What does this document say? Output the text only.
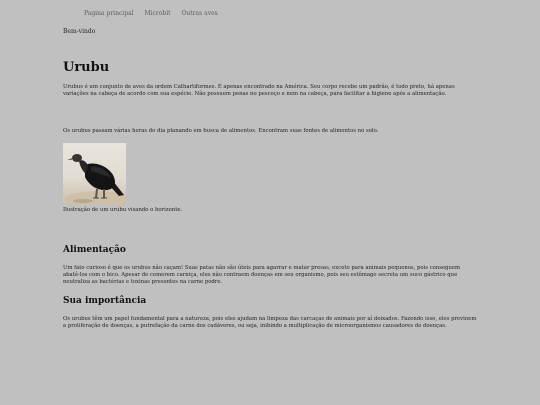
Pagina principal Microbit Outras aves
Bem-vindo
Urubu

Urubus é um conjunto de aves da ordem Cathartiformes. É apenas encontrado na América. Seu corpo recebe um padrão, é todo preto, há apenas variações na cabeça de acordo com sua espécie. Não possuem penas no pescoço e nem na cabeça, para facilitar a higiene após a alimentação.

Os urubus passam várias horas do dia planando em busca de alimentos. Encontram suas fontes de alimentos no solo.

Ilustração de um urubu visando o horizonte.
Alimentação

Um fato curioso é que os urubus não caçam! Suas patas não são úteis para agarrar e matar presas, exceto para animais pequenos, pois conseguem abatê-los com o bico. Apesar de comerem carniça, eles não contraem doenças em seu organismo, pois seu estômago secreta um suco gástrico que neutraliza as bactérias e toxinas presentes na carne podre.

Sua importância

Os urubus têm um papel fundamental para a natureza, pois eles ajudam na limpeza das carcaças de animais por aí deixados. Fazendo isso, eles previnem a proliferação de doenças, a putrefação da carne dos cadáveres, ou seja, inibindo a multiplicação de microorganismos causadores de doenças.
